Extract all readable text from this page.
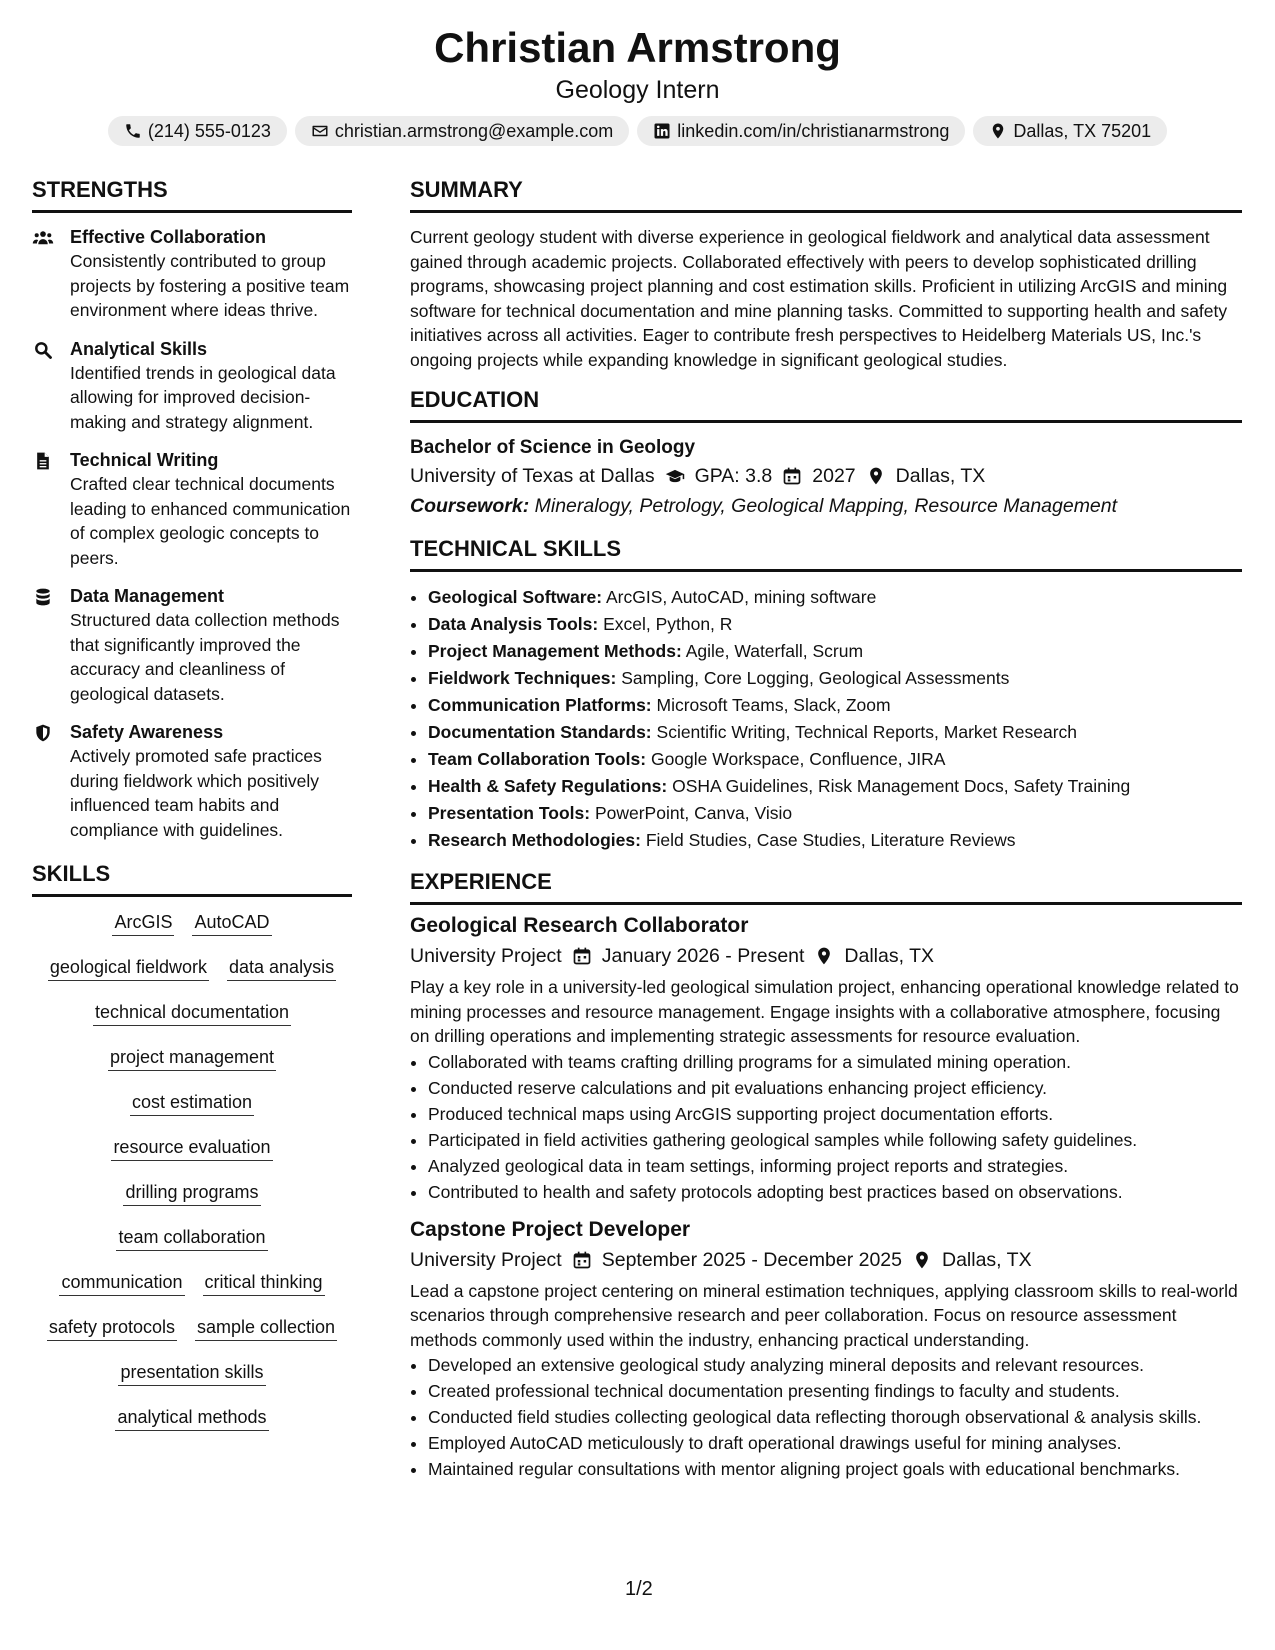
Christian Armstrong
Geology Intern
(214) 555-0123	christian.armstrong@example.com	linkedin.com/in/christianarmstrong	Dallas, TX 75201
STRENGTHS
Effective Collaboration
Consistently contributed to group projects by fostering a positive team environment where ideas thrive.
Analytical Skills
Identified trends in geological data allowing for improved decision-making and strategy alignment.
Technical Writing
Crafted clear technical documents leading to enhanced communication of complex geologic concepts to peers.
Data Management
Structured data collection methods that significantly improved the accuracy and cleanliness of geological datasets.
Safety Awareness
Actively promoted safe practices during fieldwork which positively influenced team habits and compliance with guidelines.
SKILLS
ArcGIS AutoCAD
geological fieldwork data analysis
technical documentation
project management
cost estimation
resource evaluation
drilling programs
team collaboration
communication critical thinking
safety protocols sample collection
presentation skills
analytical methods
SUMMARY

Current geology student with diverse experience in geological fieldwork and analytical data assessment gained through academic projects. Collaborated effectively with peers to develop sophisticated drilling programs, showcasing project planning and cost estimation skills. Proficient in utilizing ArcGIS and mining software for technical documentation and mine planning tasks. Committed to supporting health and safety initiatives across all activities. Eager to contribute fresh perspectives to Heidelberg Materials US, Inc.'s ongoing projects while expanding knowledge in significant geological studies.

EDUCATION
Bachelor of Science in Geology
University of Texas at Dallas GPA: 3.8 2027 Dallas, TX
Coursework: Mineralogy, Petrology, Geological Mapping, Resource Management
TECHNICAL SKILLS
• Geological Software: ArcGIS, AutoCAD, mining software
• Data Analysis Tools: Excel, Python, R
• Project Management Methods: Agile, Waterfall, Scrum
• Fieldwork Techniques: Sampling, Core Logging, Geological Assessments
• Communication Platforms: Microsoft Teams, Slack, Zoom
• Documentation Standards: Scientific Writing, Technical Reports, Market Research
• Team Collaboration Tools: Google Workspace, Confluence, JIRA
• Health & Safety Regulations: OSHA Guidelines, Risk Management Docs, Safety Training
• Presentation Tools: PowerPoint, Canva, Visio
• Research Methodologies: Field Studies, Case Studies, Literature Reviews
EXPERIENCE
Geological Research Collaborator
University Project January 2026 - Present Dallas, TX

Play a key role in a university-led geological simulation project, enhancing operational knowledge related to mining processes and resource management. Engage insights with a collaborative atmosphere, focusing on drilling operations and implementing strategic assessments for resource evaluation.

• Collaborated with teams crafting drilling programs for a simulated mining operation.
• Conducted reserve calculations and pit evaluations enhancing project efficiency.
• Produced technical maps using ArcGIS supporting project documentation efforts.
• Participated in field activities gathering geological samples while following safety guidelines.
• Analyzed geological data in team settings, informing project reports and strategies.
• Contributed to health and safety protocols adopting best practices based on observations.
Capstone Project Developer
University Project September 2025 - December 2025 Dallas, TX

Lead a capstone project centering on mineral estimation techniques, applying classroom skills to real-world scenarios through comprehensive research and peer collaboration. Focus on resource assessment methods commonly used within the industry, enhancing practical understanding.

• Developed an extensive geological study analyzing mineral deposits and relevant resources.
• Created professional technical documentation presenting findings to faculty and students.
• Conducted field studies collecting geological data reflecting thorough observational & analysis skills.
• Employed AutoCAD meticulously to draft operational drawings useful for mining analyses.
• Maintained regular consultations with mentor aligning project goals with educational benchmarks.
1/2
